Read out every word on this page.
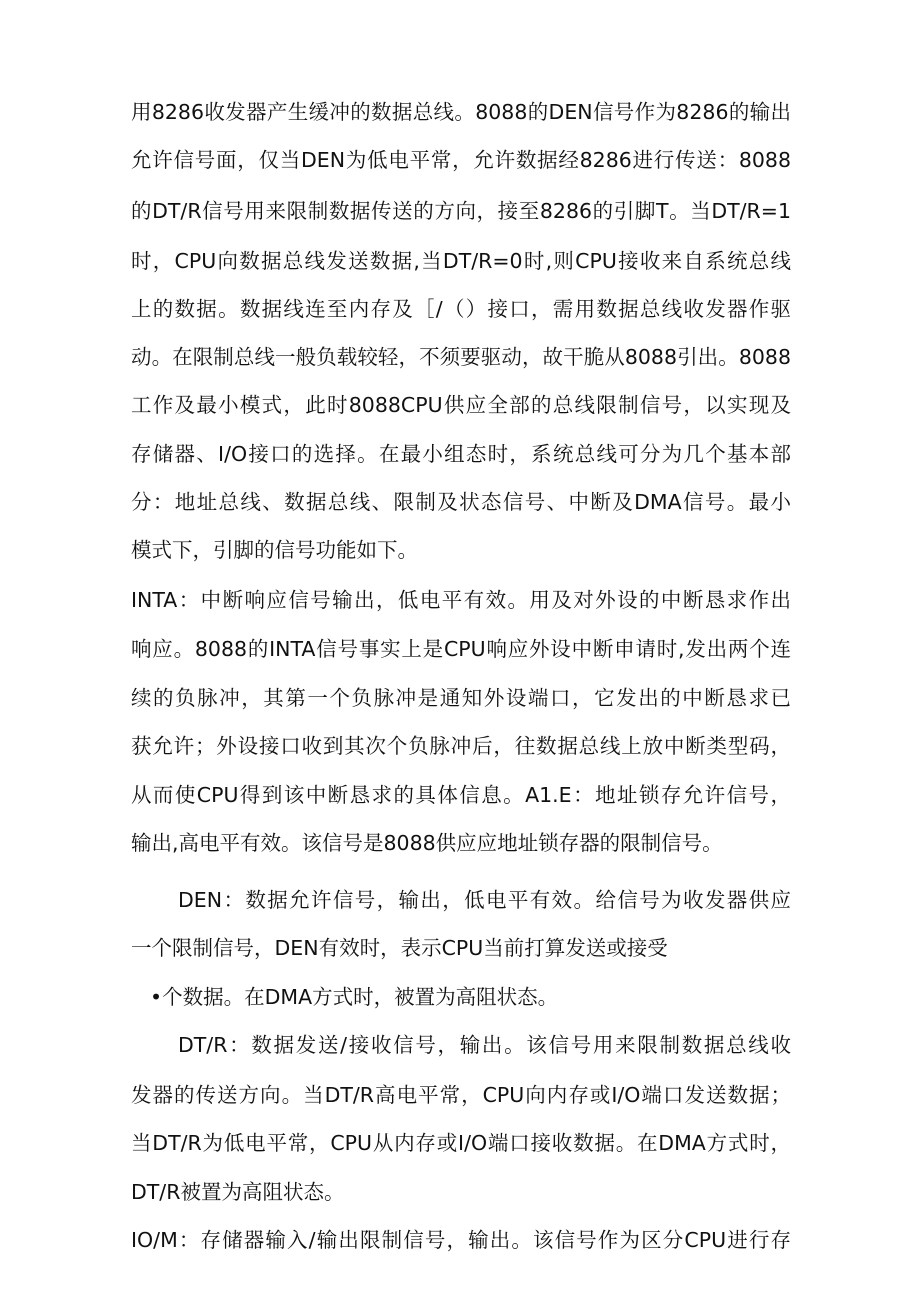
用8286收发器产生缓冲的数据总线。8088的DEN信号作为8286的输出
允许信号面，仅当DEN为低电平常，允许数据经8286进行传送：8088
的DT/R信号用来限制数据传送的方向，接至8286的引脚T。当DT/R=1
时，CPU向数据总线发送数据,当DT/R=0时,则CPU接收来自系统总线
上的数据。数据线连至内存及［/（）接口，需用数据总线收发器作驱
动。在限制总线一般负载较轻，不须要驱动，故干脆从8088引出。8088
工作及最小模式，此时8088CPU供应全部的总线限制信号，以实现及
存储器、I/O接口的选择。在最小组态时，系统总线可分为几个基本部
分：地址总线、数据总线、限制及状态信号、中断及DMA信号。最小
模式下，引脚的信号功能如下。
INTA：中断响应信号输出，低电平有效。用及对外设的中断恳求作出
响应。8088的INTA信号事实上是CPU响应外设中断申请时,发出两个连
续的负脉冲，其第一个负脉冲是通知外设端口，它发出的中断恳求已
获允许；外设接口收到其次个负脉冲后，往数据总线上放中断类型码，
从而使CPU得到该中断恳求的具体信息。A1.E：地址锁存允许信号，
输出,高电平有效。该信号是8088供应应地址锁存器的限制信号。
DEN：数据允许信号，输出，低电平有效。给信号为收发器供应
一个限制信号，DEN有效时，表示CPU当前打算发送或接受
•个数据。在DMA方式时，被置为高阻状态。
DT/R：数据发送/接收信号，输出。该信号用来限制数据总线收
发器的传送方向。当DT/R高电平常，CPU向内存或I/O端口发送数据；
当DT/R为低电平常，CPU从内存或I/O端口接收数据。在DMA方式时，
DT/R被置为高阻状态。
IO/M：存储器输入/输出限制信号，输出。该信号作为区分CPU进行存
